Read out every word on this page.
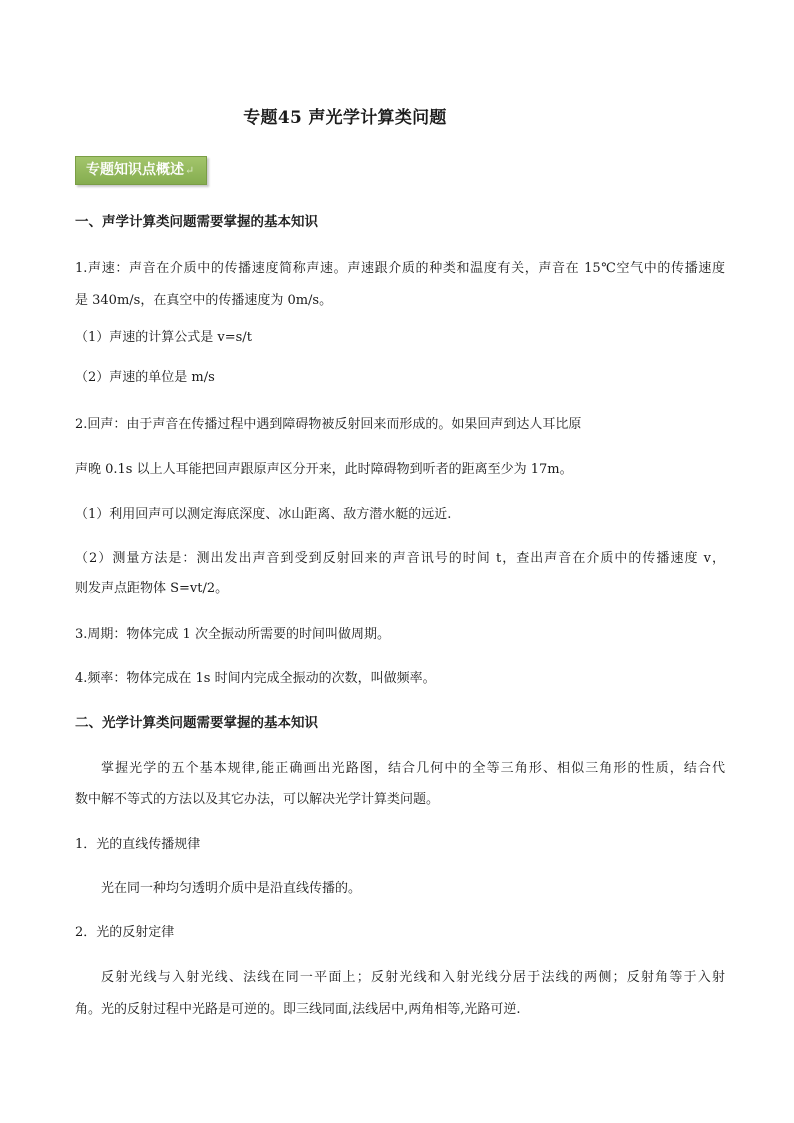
专题45 声光学计算类问题
专题知识点概述↵
一、声学计算类问题需要掌握的基本知识
1.声速：声音在介质中的传播速度简称声速。声速跟介质的种类和温度有关，声音在 15℃空气中的传播速度
是 340m/s，在真空中的传播速度为 0m/s。
（1）声速的计算公式是 v=s/t
（2）声速的单位是 m/s
2.回声：由于声音在传播过程中遇到障碍物被反射回来而形成的。如果回声到达人耳比原
声晚 0.1s 以上人耳能把回声跟原声区分开来，此时障碍物到听者的距离至少为 17m。
（1）利用回声可以测定海底深度、冰山距离、敌方潜水艇的远近.
（2）测量方法是：测出发出声音到受到反射回来的声音讯号的时间 t，查出声音在介质中的传播速度 v，
则发声点距物体 S=vt/2。
3.周期：物体完成 1 次全振动所需要的时间叫做周期。
4.频率：物体完成在 1s 时间内完成全振动的次数，叫做频率。
二、光学计算类问题需要掌握的基本知识
掌握光学的五个基本规律,能正确画出光路图，结合几何中的全等三角形、相似三角形的性质，结合代
数中解不等式的方法以及其它办法，可以解决光学计算类问题。
1．光的直线传播规律
光在同一种均匀透明介质中是沿直线传播的。
2．光的反射定律
反射光线与入射光线、法线在同一平面上；反射光线和入射光线分居于法线的两侧；反射角等于入射
角。光的反射过程中光路是可逆的。即三线同面,法线居中,两角相等,光路可逆.
